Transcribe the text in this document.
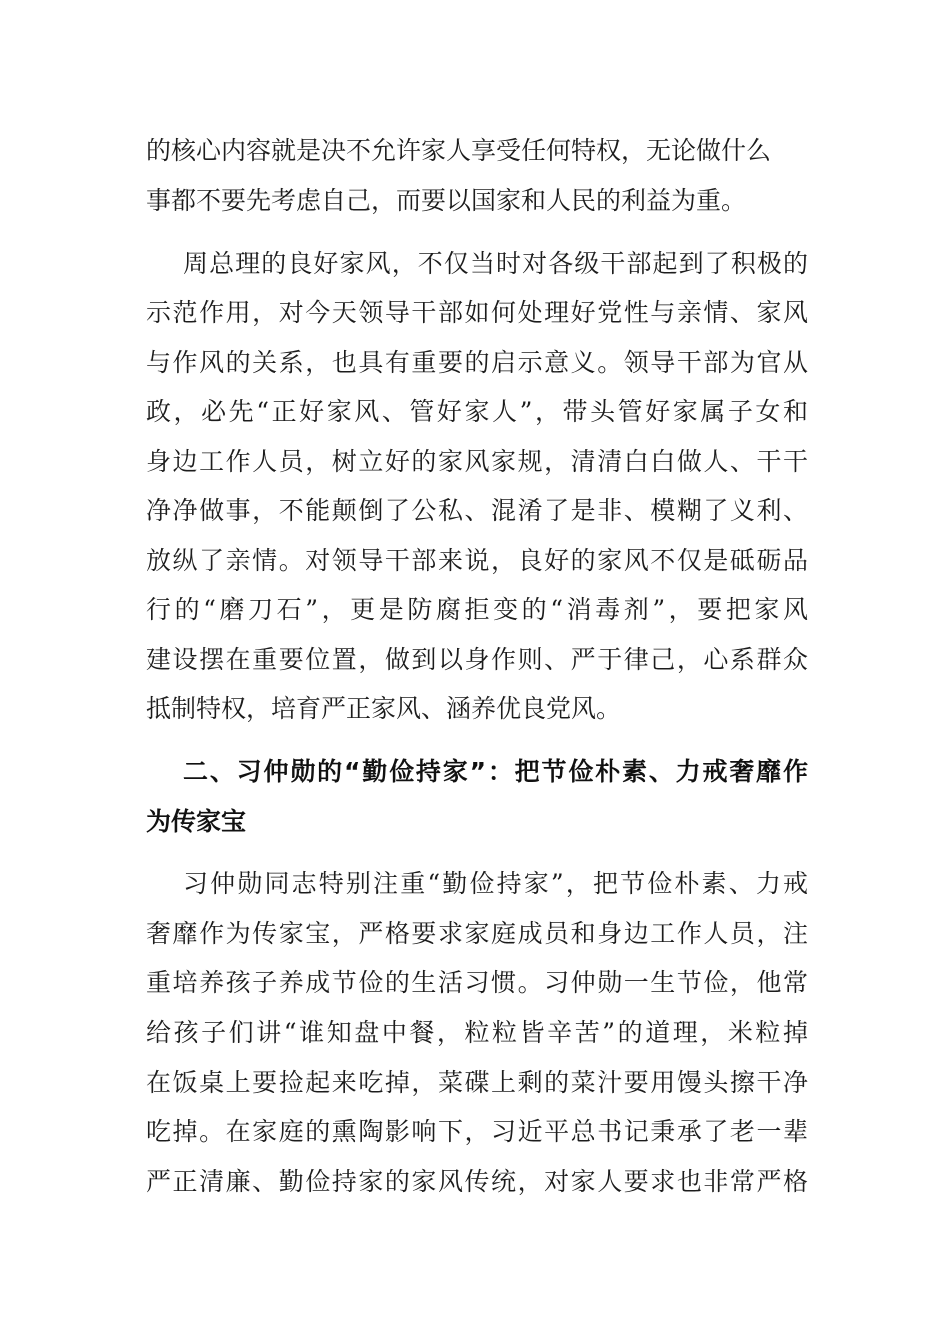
的核心内容就是决不允许家人享受任何特权，无论做什么
事都不要先考虑自己，而要以国家和人民的利益为重。
周总理的良好家风，不仅当时对各级干部起到了积极的
示范作用，对今天领导干部如何处理好党性与亲情、家风
与作风的关系，也具有重要的启示意义。领导干部为官从
政，必先“正好家风、管好家人”，带头管好家属子女和
身边工作人员，树立好的家风家规，清清白白做人、干干
净净做事，不能颠倒了公私、混淆了是非、模糊了义利、
放纵了亲情。对领导干部来说，良好的家风不仅是砥砺品
行的“磨刀石”，更是防腐拒变的“消毒剂”，要把家风
建设摆在重要位置，做到以身作则、严于律己，心系群众
抵制特权，培育严正家风、涵养优良党风。
二、习仲勋的“勤俭持家”：把节俭朴素、力戒奢靡作
为传家宝
习仲勋同志特别注重“勤俭持家”，把节俭朴素、力戒
奢靡作为传家宝，严格要求家庭成员和身边工作人员，注
重培养孩子养成节俭的生活习惯。习仲勋一生节俭，他常
给孩子们讲“谁知盘中餐，粒粒皆辛苦”的道理，米粒掉
在饭桌上要捡起来吃掉，菜碟上剩的菜汁要用馒头擦干净
吃掉。在家庭的熏陶影响下，习近平总书记秉承了老一辈
严正清廉、勤俭持家的家风传统，对家人要求也非常严格
